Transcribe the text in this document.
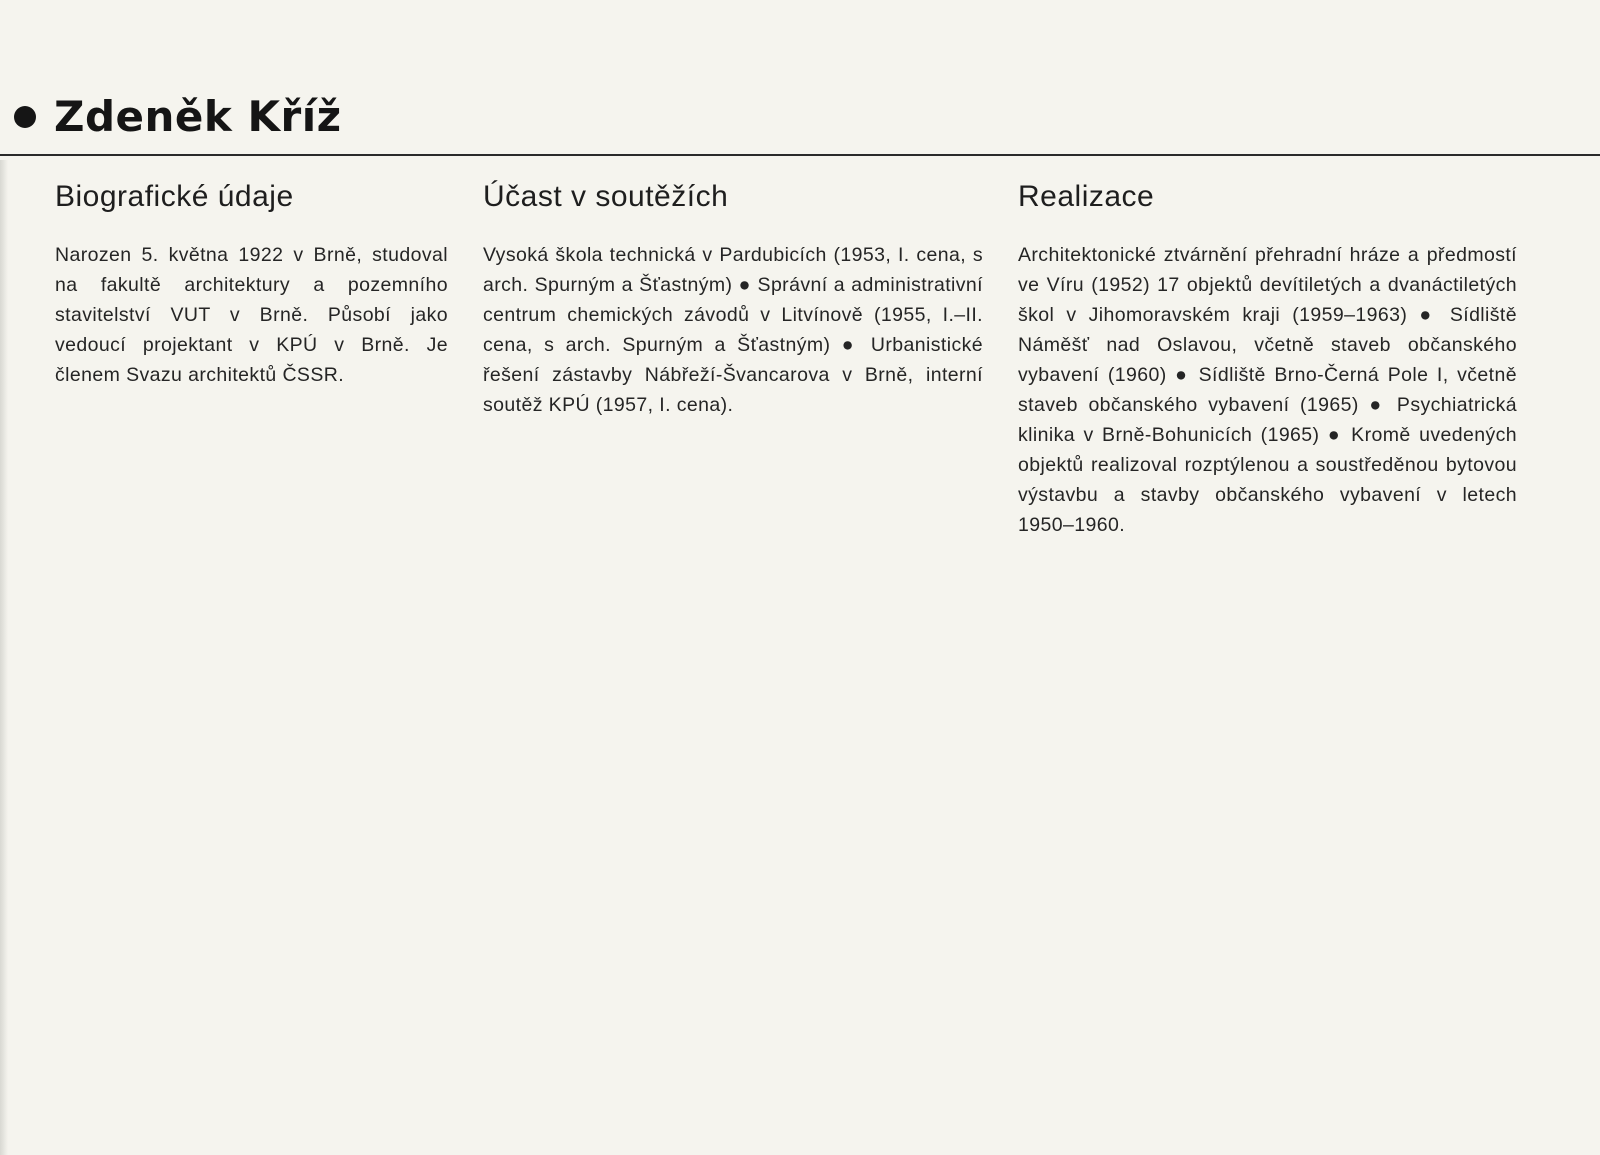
Zdeněk Kříž
Biografické údaje

Narozen 5. května 1922 v Brně, studoval na fakultě architektury a pozemního stavitelství VUT v Brně. Působí jako vedoucí projektant v KPÚ v Brně. Je členem Svazu architektů ČSSR.

Účast v soutěžích

Vysoká škola technická v Pardubicích (1953, I. cena, s arch. Spurným a Šťastným) ● Správní a administrativní centrum chemických závodů v Litvínově (1955, I.–II. cena, s arch. Spurným a Šťastným) ● Urbanistické řešení zástavby Nábřeží-Švancarova v Brně, interní soutěž KPÚ (1957, I. cena).

Realizace

Architektonické ztvárnění přehradní hráze a předmostí ve Víru (1952) 17 objektů devítiletých a dvanáctiletých škol v Jihomoravském kraji (1959–1963) ● Sídliště Náměšť nad Oslavou, včetně staveb občanského vybavení (1960) ● Sídliště Brno-Černá Pole I, včetně staveb občanského vybavení (1965) ● Psychiatrická klinika v Brně-Bohunicích (1965) ● Kromě uvedených objektů realizoval rozptýlenou a soustředěnou bytovou výstavbu a stavby občanského vybavení v letech 1950–1960.
